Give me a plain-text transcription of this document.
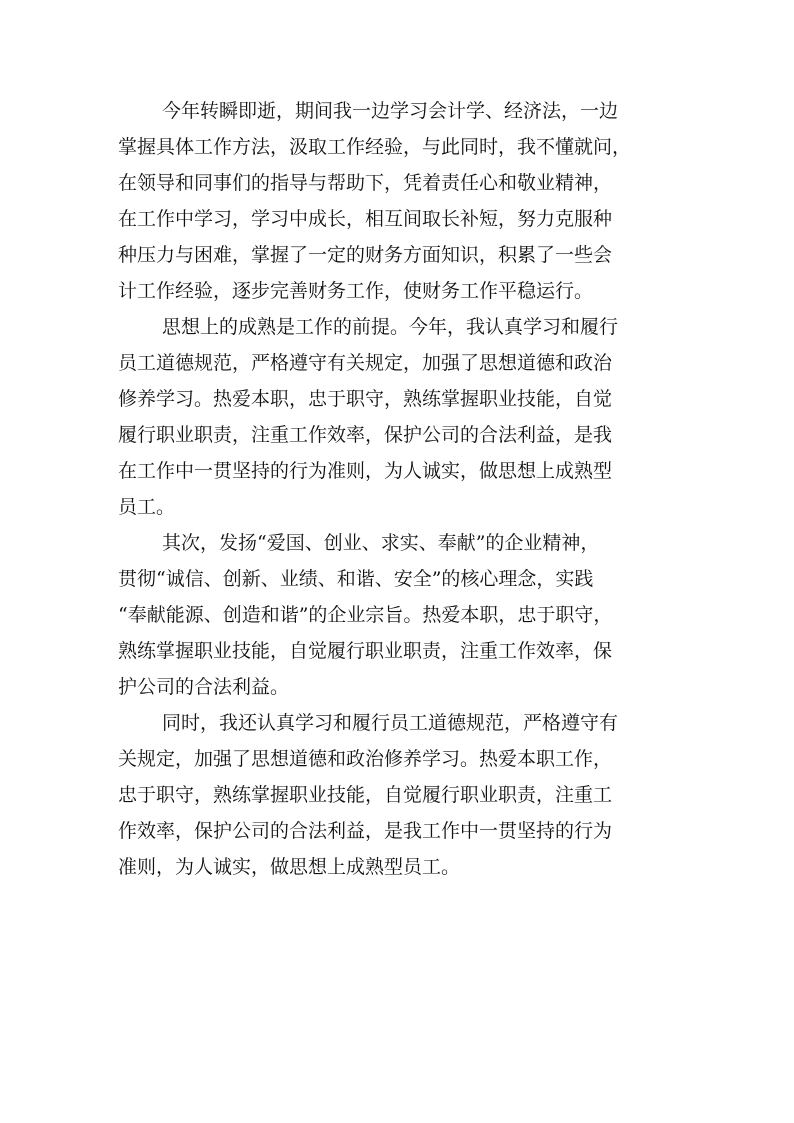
今年转瞬即逝，期间我一边学习会计学、经济法，一边
掌握具体工作方法，汲取工作经验，与此同时，我不懂就问，
在领导和同事们的指导与帮助下，凭着责任心和敬业精神，
在工作中学习，学习中成长，相互间取长补短，努力克服种
种压力与困难，掌握了一定的财务方面知识，积累了一些会
计工作经验，逐步完善财务工作，使财务工作平稳运行。

思想上的成熟是工作的前提。今年，我认真学习和履行
员工道德规范，严格遵守有关规定，加强了思想道德和政治
修养学习。热爱本职，忠于职守，熟练掌握职业技能，自觉
履行职业职责，注重工作效率，保护公司的合法利益，是我
在工作中一贯坚持的行为准则，为人诚实，做思想上成熟型
员工。

其次，发扬“爱国、创业、求实、奉献”的企业精神，
贯彻“诚信、创新、业绩、和谐、安全”的核心理念，实践
“奉献能源、创造和谐”的企业宗旨。热爱本职，忠于职守，
熟练掌握职业技能，自觉履行职业职责，注重工作效率，保
护公司的合法利益。

同时，我还认真学习和履行员工道德规范，严格遵守有
关规定，加强了思想道德和政治修养学习。热爱本职工作，
忠于职守，熟练掌握职业技能，自觉履行职业职责，注重工
作效率，保护公司的合法利益，是我工作中一贯坚持的行为
准则，为人诚实，做思想上成熟型员工。
